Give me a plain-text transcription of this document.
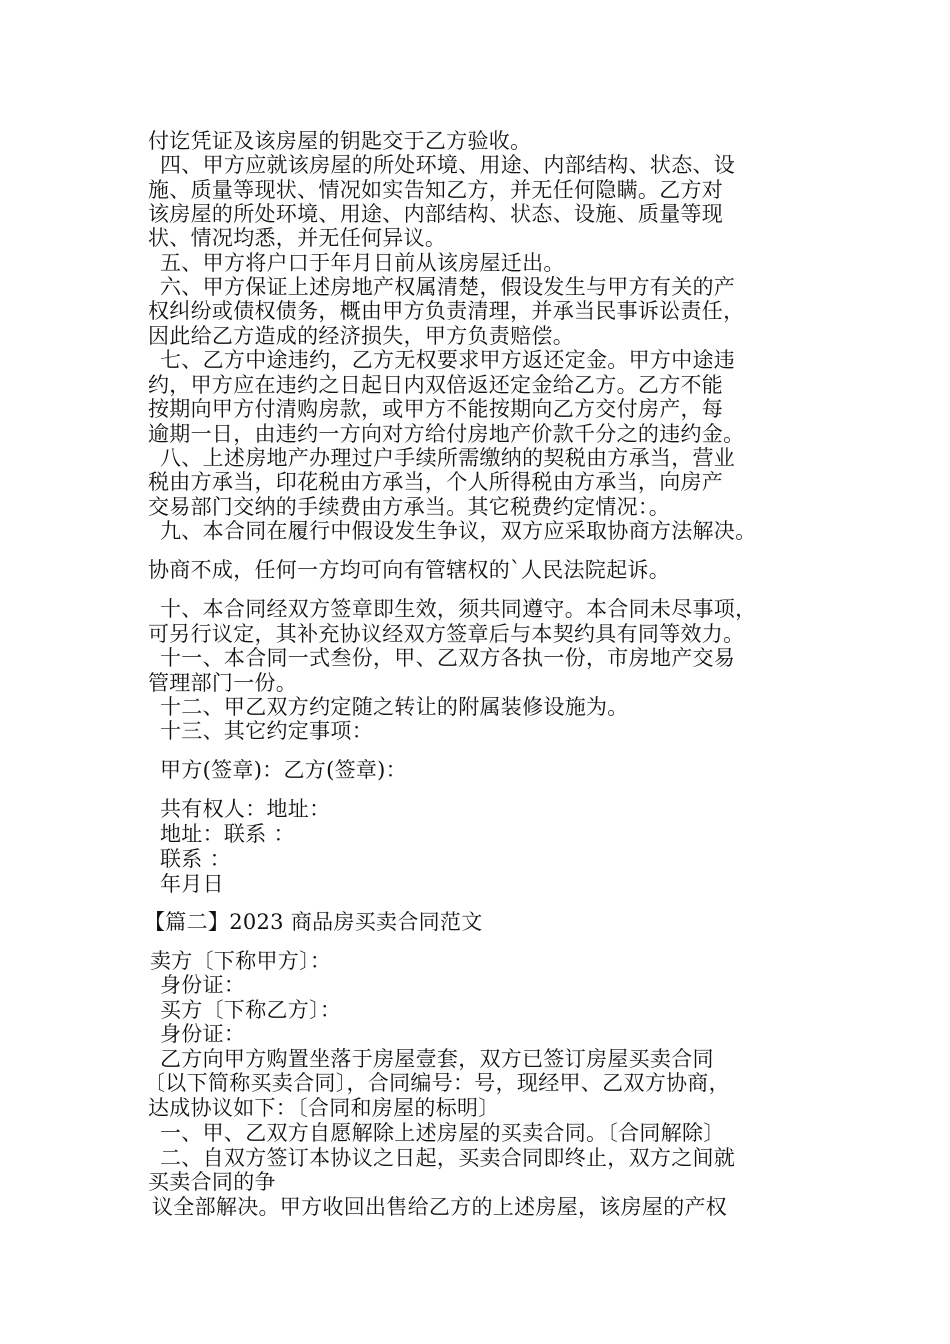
付讫凭证及该房屋的钥匙交于乙方验收。
四、甲方应就该房屋的所处环境、用途、内部结构、状态、设
施、质量等现状、情况如实告知乙方，并无任何隐瞒。乙方对
该房屋的所处环境、用途、内部结构、状态、设施、质量等现
状、情况均悉，并无任何异议。
五、甲方将户口于年月日前从该房屋迁出。
六、甲方保证上述房地产权属清楚，假设发生与甲方有关的产
权纠纷或债权债务，概由甲方负责清理，并承当民事诉讼责任，
因此给乙方造成的经济损失，甲方负责赔偿。
七、乙方中途违约，乙方无权要求甲方返还定金。甲方中途违
约，甲方应在违约之日起日内双倍返还定金给乙方。乙方不能
按期向甲方付清购房款，或甲方不能按期向乙方交付房产，每
逾期一日，由违约一方向对方给付房地产价款千分之的违约金。
八、上述房地产办理过户手续所需缴纳的契税由方承当，营业
税由方承当，印花税由方承当，个人所得税由方承当，向房产
交易部门交纳的手续费由方承当。其它税费约定情况：。
九、本合同在履行中假设发生争议，双方应采取协商方法解决。
协商不成，任何一方均可向有管辖权的`人民法院起诉。
十、本合同经双方签章即生效，须共同遵守。本合同未尽事项，
可另行议定，其补充协议经双方签章后与本契约具有同等效力。
十一、本合同一式叁份，甲、乙双方各执一份，市房地产交易
管理部门一份。
十二、甲乙双方约定随之转让的附属装修设施为。
十三、其它约定事项：
甲方(签章)：乙方(签章)：
共有权人：地址：
地址：联系 ：
联系 ：
年月日
【篇二】2023 商品房买卖合同范文
卖方〔下称甲方〕：
身份证：
买方〔下称乙方〕：
身份证：
乙方向甲方购置坐落于房屋壹套，双方已签订房屋买卖合同
〔以下简称买卖合同〕，合同编号：号，现经甲、乙双方协商，
达成协议如下：〔合同和房屋的标明〕
一、甲、乙双方自愿解除上述房屋的买卖合同。〔合同解除〕
二、自双方签订本协议之日起，买卖合同即终止，双方之间就
买卖合同的争
议全部解决。甲方收回出售给乙方的上述房屋，该房屋的产权
